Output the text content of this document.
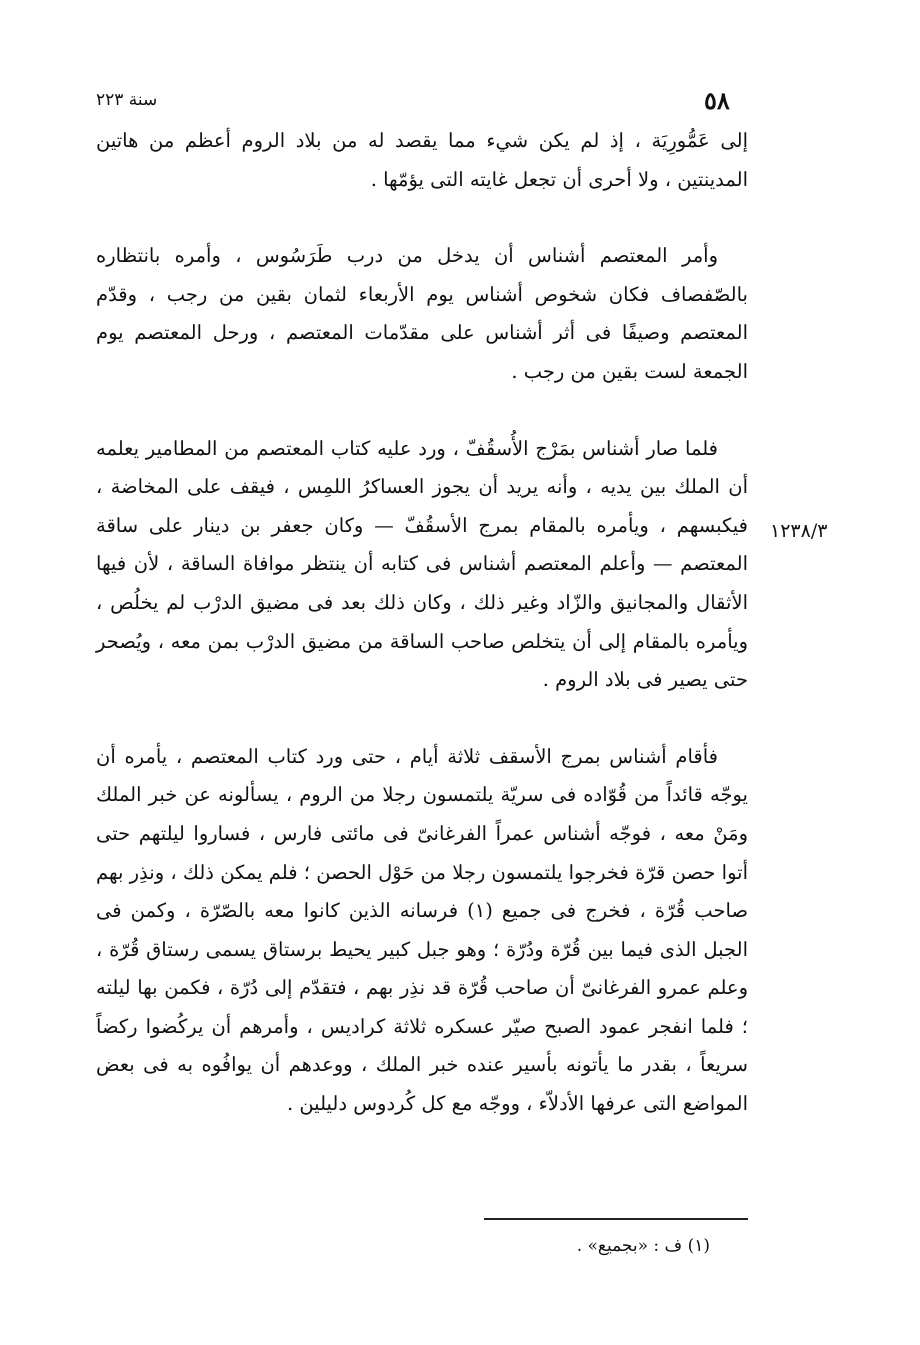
٥٨
سنة ٢٢٣
١٢٣٨/٣

إلى عَمُّورِيَة ، إذ لم يكن شيء مما يقصد له من بلاد الروم أعظم من هاتين المدينتين ، ولا أحرى أن تجعل غايته التى يؤمّها .

وأمر المعتصم أشناس أن يدخل من درب طَرَسُوس ، وأمره بانتظاره بالصّفصاف فكان شخوص أشناس يوم الأربعاء لثمان بقين من رجب ، وقدّم المعتصم وصيفًا فى أثر أشناس على مقدّمات المعتصم ، ورحل المعتصم يوم الجمعة لست بقين من رجب .

فلما صار أشناس بمَرْج الأُسقُفّ ، ورد عليه كتاب المعتصم من المطامير يعلمه أن الملك بين يديه ، وأنه يريد أن يجوز العساكرُ اللمِس ، فيقف على المخاضة ، فيكبسهم ، ويأمره بالمقام بمرج الأسقُفّ — وكان جعفر بن دينار على ساقة المعتصم — وأعلم المعتصم أشناس فى كتابه أن ينتظر موافاة الساقة ، لأن فيها الأثقال والمجانيق والزّاد وغير ذلك ، وكان ذلك بعد فى مضيق الدرْب لم يخلُص ، ويأمره بالمقام إلى أن يتخلص صاحب الساقة من مضيق الدرْب بمن معه ، ويُصحر حتى يصير فى بلاد الروم .

فأقام أشناس بمرج الأسقف ثلاثة أيام ، حتى ورد كتاب المعتصم ، يأمره أن يوجّه قائداً من قُوّاده فى سريّة يلتمسون رجلا من الروم ، يسألونه عن خبر الملك ومَنْ معه ، فوجّه أشناس عمراً الفرغانىّ فى مائتى فارس ، فساروا ليلتهم حتى أتوا حصن قرّة فخرجوا يلتمسون رجلا من حَوْل الحصن ؛ فلم يمكن ذلك ، ونذِر بهم صاحب قُرّة ، فخرج فى جميع (١) فرسانه الذين كانوا معه بالصّرّة ، وكمن فى الجبل الذى فيما بين قُرّة ودُرّة ؛ وهو جبل كبير يحيط برستاق يسمى رستاق قُرّة ، وعلم عمرو الفرغانىّ أن صاحب قُرّة قد نذِر بهم ، فتقدّم إلى دُرّة ، فكمن بها ليلته ؛ فلما انفجر عمود الصبح صيّر عسكره ثلاثة كراديس ، وأمرهم أن يركُضوا ركضاً سريعاً ، بقدر ما يأتونه بأسير عنده خبر الملك ، ووعدهم أن يوافُوه به فى بعض المواضع التى عرفها الأدلاّء ، ووجّه مع كل كُردوس دليلين .

(١) ف : «بجميع» .
